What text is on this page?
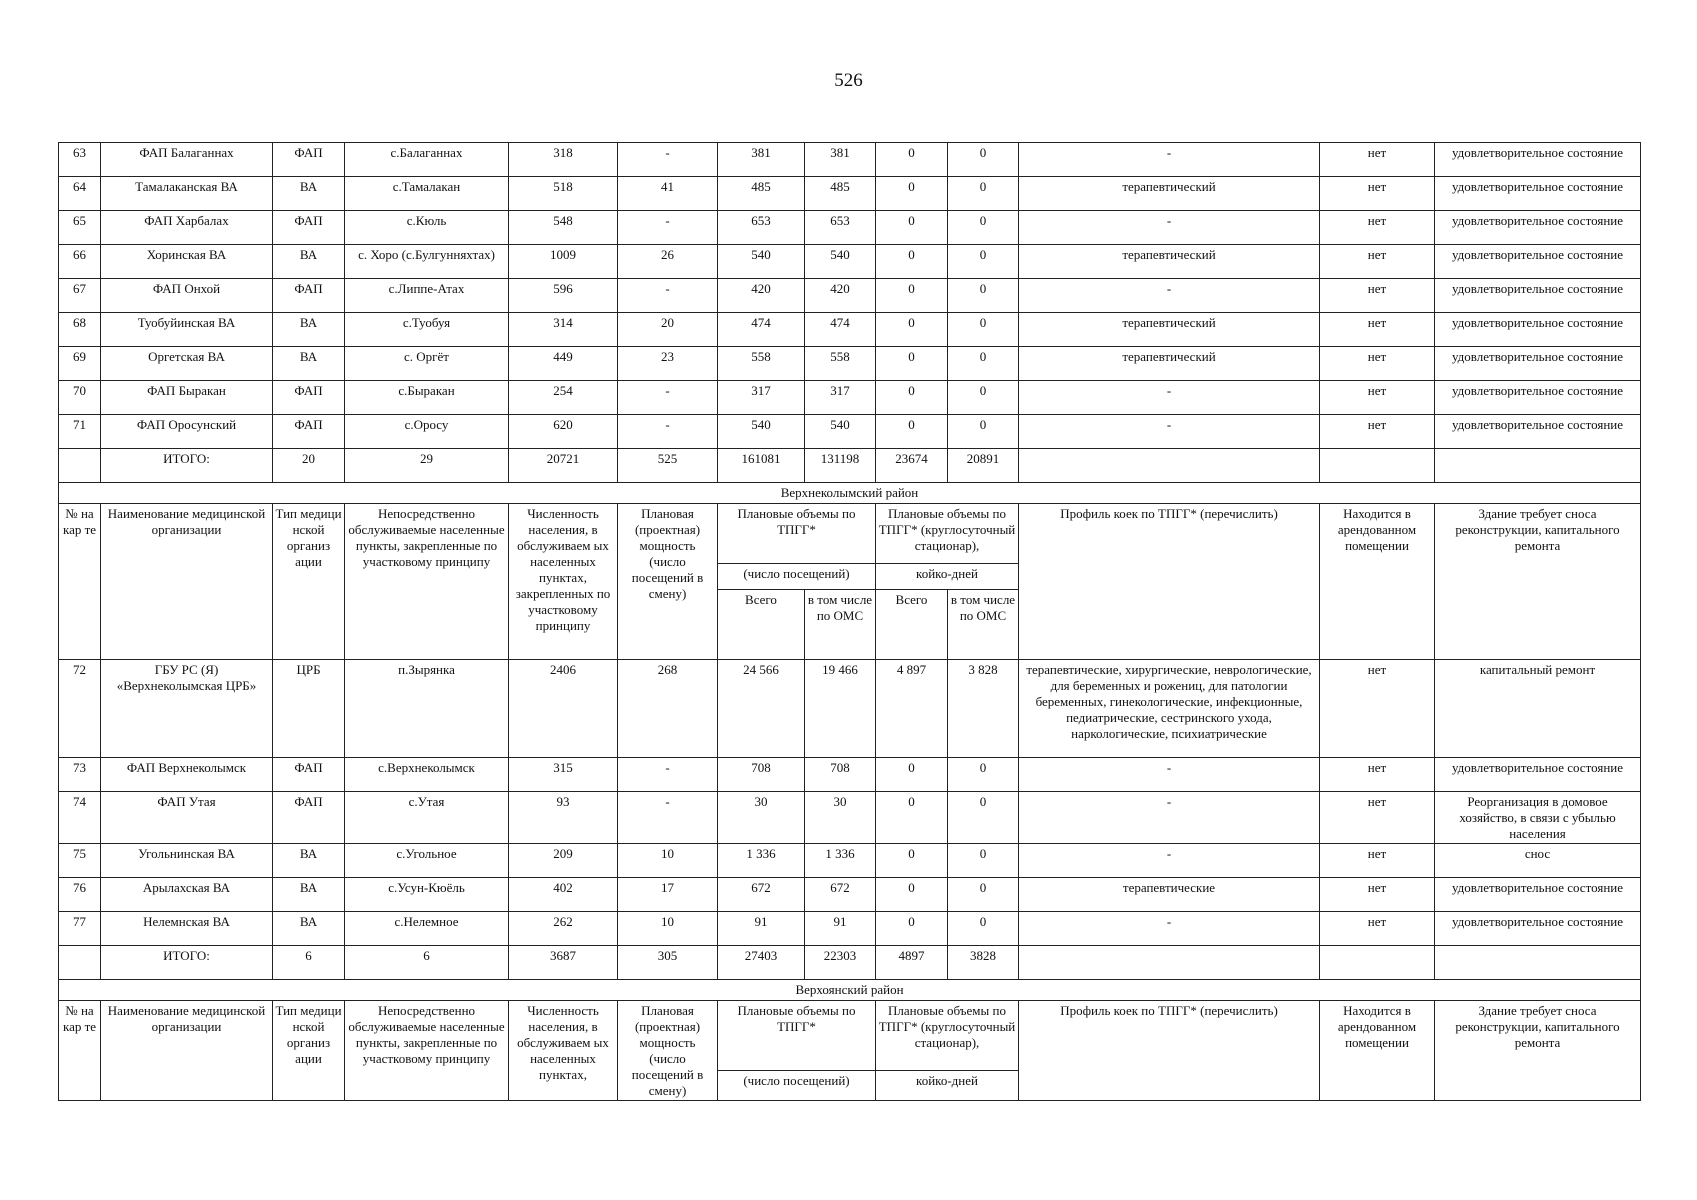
526
63	ФАП Балаганнах	ФАП	с.Балаганнах	318	-	381	381	0	0	-	нет	удовлетворительное состояние
64	Тамалаканская ВА	ВА	с.Тамалакан	518	41	485	485	0	0	терапевтический	нет	удовлетворительное состояние
65	ФАП Харбалах	ФАП	с.Кюль	548	-	653	653	0	0	-	нет	удовлетворительное состояние
66	Хоринская ВА	ВА	с. Хоро (с.Булгунняхтах)	1009	26	540	540	0	0	терапевтический	нет	удовлетворительное состояние
67	ФАП Онхой	ФАП	с.Липпе-Атах	596	-	420	420	0	0	-	нет	удовлетворительное состояние
68	Туобуйинская ВА	ВА	с.Туобуя	314	20	474	474	0	0	терапевтический	нет	удовлетворительное состояние
69	Оргетская ВА	ВА	с. Оргёт	449	23	558	558	0	0	терапевтический	нет	удовлетворительное состояние
70	ФАП Быракан	ФАП	с.Быракан	254	-	317	317	0	0	-	нет	удовлетворительное состояние
71	ФАП Оросунский	ФАП	с.Оросу	620	-	540	540	0	0	-	нет	удовлетворительное состояние
	ИТОГО:	20	29	20721	525	161081	131198	23674	20891			
Верхнеколымский район												
№ на кар те	Наименование медицинской организации	Тип медици нской организ ации	Непосредственно обслуживаемые населенные пункты, закрепленные по участковому принципу	Численность населения, в обслуживаем ых населенных пунктах, закрепленных по участковому принципу	Плановая (проектная) мощность (число посещений в смену)	Плановые объемы по ТПГГ*		Плановые объемы по ТПГГ* (круглосуточный стационар),		Профиль коек по ТПГГ* (перечислить)	Находится в арендованном помещении	Здание требует сноса реконструкции, капитального ремонта
						(число посещений)		койко-дней				
						Всего	в том числе по ОМС	Всего	в том числе по ОМС			
72	ГБУ РС (Я) «Верхнеколымская ЦРБ»	ЦРБ	п.Зырянка	2406	268	24 566	19 466	4 897	3 828	терапевтические, хирургические, неврологические, для беременных и рожениц, для патологии беременных, гинекологические, инфекционные, педиатрические, сестринского ухода, наркологические, психиатрические	нет	капитальный ремонт
73	ФАП Верхнеколымск	ФАП	с.Верхнеколымск	315	-	708	708	0	0	-	нет	удовлетворительное состояние
74	ФАП Утая	ФАП	с.Утая	93	-	30	30	0	0	-	нет	Реорганизация в домовое хозяйство, в связи с убылью населения
75	Угольнинская ВА	ВА	с.Угольное	209	10	1 336	1 336	0	0	-	нет	снос
76	Арылахская ВА	ВА	с.Усун-Кюёль	402	17	672	672	0	0	терапевтические	нет	удовлетворительное состояние
77	Нелемнская ВА	ВА	с.Нелемное	262	10	91	91	0	0	-	нет	удовлетворительное состояние
	ИТОГО:	6	6	3687	305	27403	22303	4897	3828			
Верхоянский район												
№ на кар те	Наименование медицинской организации	Тип медици нской организ ации	Непосредственно обслуживаемые населенные пункты, закрепленные по участковому принципу	Численность населения, в обслуживаем ых населенных пунктах,	Плановая (проектная) мощность (число посещений в смену)	Плановые объемы по ТПГГ*		Плановые объемы по ТПГГ* (круглосуточный стационар),		Профиль коек по ТПГГ* (перечислить)	Находится в арендованном помещении	Здание требует сноса реконструкции, капитального ремонта
						(число посещений)		койко-дней				
